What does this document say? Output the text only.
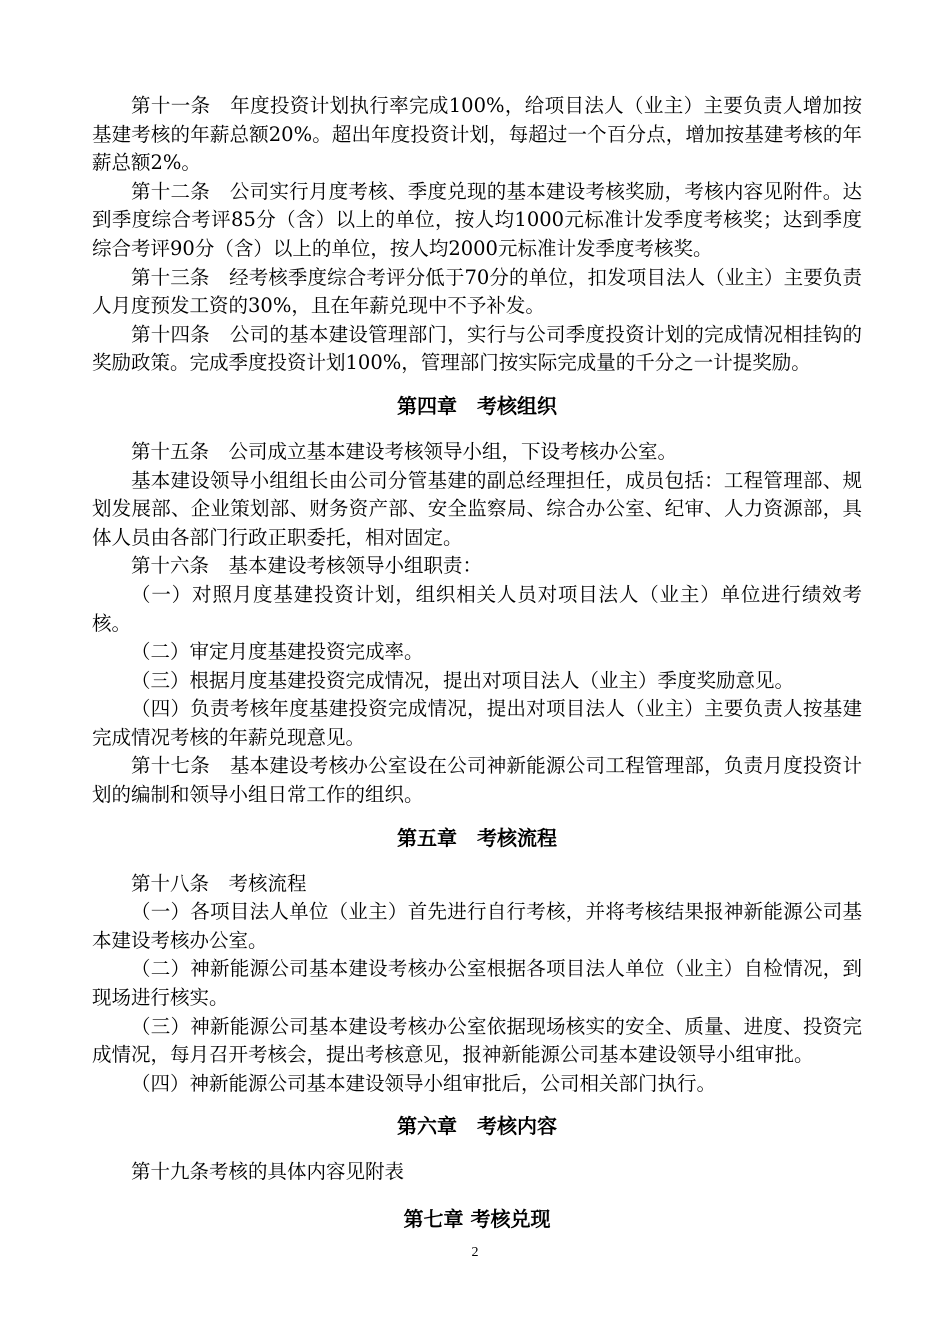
第十一条　年度投资计划执行率完成100%，给项目法人（业主）主要负责人增加按基建考核的年薪总额20%。超出年度投资计划，每超过一个百分点，增加按基建考核的年薪总额2%。

第十二条　公司实行月度考核、季度兑现的基本建设考核奖励，考核内容见附件。达到季度综合考评85分（含）以上的单位，按人均1000元标准计发季度考核奖；达到季度综合考评90分（含）以上的单位，按人均2000元标准计发季度考核奖。

第十三条　经考核季度综合考评分低于70分的单位，扣发项目法人（业主）主要负责人月度预发工资的30%，且在年薪兑现中不予补发。

第十四条　公司的基本建设管理部门，实行与公司季度投资计划的完成情况相挂钩的奖励政策。完成季度投资计划100%，管理部门按实际完成量的千分之一计提奖励。

第四章　考核组织

第十五条　公司成立基本建设考核领导小组，下设考核办公室。

基本建设领导小组组长由公司分管基建的副总经理担任，成员包括：工程管理部、规划发展部、企业策划部、财务资产部、安全监察局、综合办公室、纪审、人力资源部，具体人员由各部门行政正职委托，相对固定。

第十六条　基本建设考核领导小组职责：

（一）对照月度基建投资计划，组织相关人员对项目法人（业主）单位进行绩效考核。

（二）审定月度基建投资完成率。

（三）根据月度基建投资完成情况，提出对项目法人（业主）季度奖励意见。

（四）负责考核年度基建投资完成情况，提出对项目法人（业主）主要负责人按基建完成情况考核的年薪兑现意见。

第十七条　基本建设考核办公室设在公司神新能源公司工程管理部，负责月度投资计划的编制和领导小组日常工作的组织。

第五章　考核流程

第十八条　考核流程

（一）各项目法人单位（业主）首先进行自行考核，并将考核结果报神新能源公司基本建设考核办公室。

（二）神新能源公司基本建设考核办公室根据各项目法人单位（业主）自检情况，到现场进行核实。

（三）神新能源公司基本建设考核办公室依据现场核实的安全、质量、进度、投资完成情况，每月召开考核会，提出考核意见，报神新能源公司基本建设领导小组审批。

（四）神新能源公司基本建设领导小组审批后，公司相关部门执行。

第六章　考核内容

第十九条考核的具体内容见附表

第七章 考核兑现

2
